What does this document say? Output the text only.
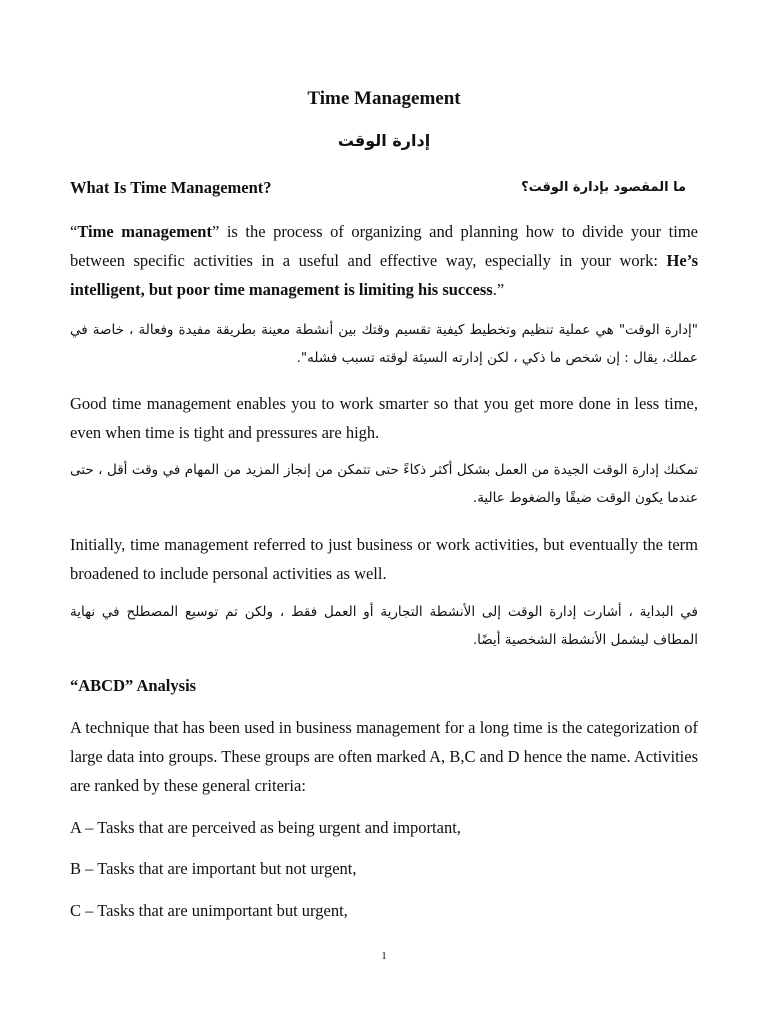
Time Management
إدارة الوقت
What Is Time Management?	ما المقصود بإدارة الوقت؟
“Time management” is the process of organizing and planning how to divide your time between specific activities in a useful and effective way, especially in your work: He’s intelligent, but poor time management is limiting his success.”
"إدارة الوقت" هي عملية تنظيم وتخطيط كيفية تقسيم وقتك بين أنشطة معينة بطريقة مفيدة وفعالة ، خاصة في عملك، يقال : إن شخص ما ذكي ، لكن إدارته السيئة لوقته تسبب فشله".
Good time management enables you to work smarter so that you get more done in less time, even when time is tight and pressures are high.
تمكنك إدارة الوقت الجيدة من العمل بشكل أكثر ذكاءً حتى تتمكن من إنجاز المزيد من المهام في وقت أقل ، حتى عندما يكون الوقت ضيقًا والضغوط عالية.
Initially, time management referred to just business or work activities, but eventually the term broadened to include personal activities as well.
في البداية ، أشارت إدارة الوقت إلى الأنشطة التجارية أو العمل فقط ، ولكن تم توسيع المصطلح في نهاية المطاف ليشمل الأنشطة الشخصية أيضًا.
“ABCD” Analysis
A technique that has been used in business management for a long time is the categorization of large data into groups. These groups are often marked A, B,C and D hence the name. Activities are ranked by these general criteria:
A – Tasks that are perceived as being urgent and important,
B – Tasks that are important but not urgent,
C – Tasks that are unimportant but urgent,
1
